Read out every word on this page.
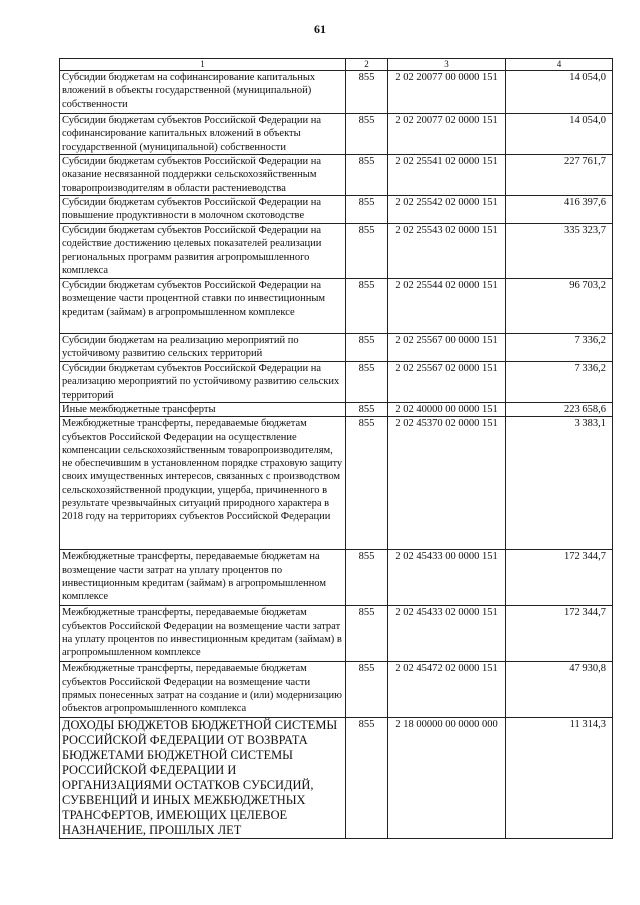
61
1	2	3	4
Субсидии бюджетам на софинансирование капитальных вложений в объекты государственной (муниципальной) собственности	855	2 02 20077 00 0000 151	14 054,0
Субсидии бюджетам субъектов Российской Федерации на софинансирование капитальных вложений в объекты государственной (муниципальной) собственности	855	2 02 20077 02 0000 151	14 054,0
Субсидии бюджетам субъектов Российской Федерации на оказание несвязанной поддержки сельскохозяйственным товаропроизводителям в области растениеводства	855	2 02 25541 02 0000 151	227 761,7
Субсидии бюджетам субъектов Российской Федерации на повышение продуктивности в молочном скотоводстве	855	2 02 25542 02 0000 151	416 397,6
Субсидии бюджетам субъектов Российской Федерации на содействие достижению целевых показателей реализации региональных программ развития агропромышленного комплекса	855	2 02 25543 02 0000 151	335 323,7
Субсидии бюджетам субъектов Российской Федерации на возмещение части процентной ставки по инвестиционным кредитам (займам) в агропромышленном комплексе	855	2 02 25544 02 0000 151	96 703,2
Субсидии бюджетам на реализацию мероприятий по устойчивому развитию сельских территорий	855	2 02 25567 00 0000 151	7 336,2
Субсидии бюджетам субъектов Российской Федерации на реализацию мероприятий по устойчивому развитию сельских территорий	855	2 02 25567 02 0000 151	7 336,2
Иные межбюджетные трансферты	855	2 02 40000 00 0000 151	223 658,6
Межбюджетные трансферты, передаваемые бюджетам субъектов Российской Федерации на осуществление компенсации сельскохозяйственным товаропроизводителям, не обеспечившим в установленном порядке страховую защиту своих имущественных интересов, связанных с производством сельскохозяйственной продукции, ущерба, причиненного в результате чрезвычайных ситуаций природного характера в 2018 году на территориях субъектов Российской Федерации	855	2 02 45370 02 0000 151	3 383,1
Межбюджетные трансферты, передаваемые бюджетам на возмещение части затрат на уплату процентов по инвестиционным кредитам (займам) в агропромышленном комплексе	855	2 02 45433 00 0000 151	172 344,7
Межбюджетные трансферты, передаваемые бюджетам субъектов Российской Федерации на возмещение части затрат на уплату процентов по инвестиционным кредитам (займам) в агропромышленном комплексе	855	2 02 45433 02 0000 151	172 344,7
Межбюджетные трансферты, передаваемые бюджетам субъектов Российской Федерации на возмещение части прямых понесенных затрат на создание и (или) модернизацию объектов агропромышленного комплекса	855	2 02 45472 02 0000 151	47 930,8
ДОХОДЫ БЮДЖЕТОВ БЮДЖЕТНОЙ СИСТЕМЫ РОССИЙСКОЙ ФЕДЕРАЦИИ ОТ ВОЗВРАТА БЮДЖЕТАМИ БЮДЖЕТНОЙ СИСТЕМЫ РОССИЙСКОЙ ФЕДЕРАЦИИ И ОРГАНИЗАЦИЯМИ ОСТАТКОВ СУБСИДИЙ, СУБВЕНЦИЙ И ИНЫХ МЕЖБЮДЖЕТНЫХ ТРАНСФЕРТОВ, ИМЕЮЩИХ ЦЕЛЕВОЕ НАЗНАЧЕНИЕ, ПРОШЛЫХ ЛЕТ	855	2 18 00000 00 0000 000	11 314,3
